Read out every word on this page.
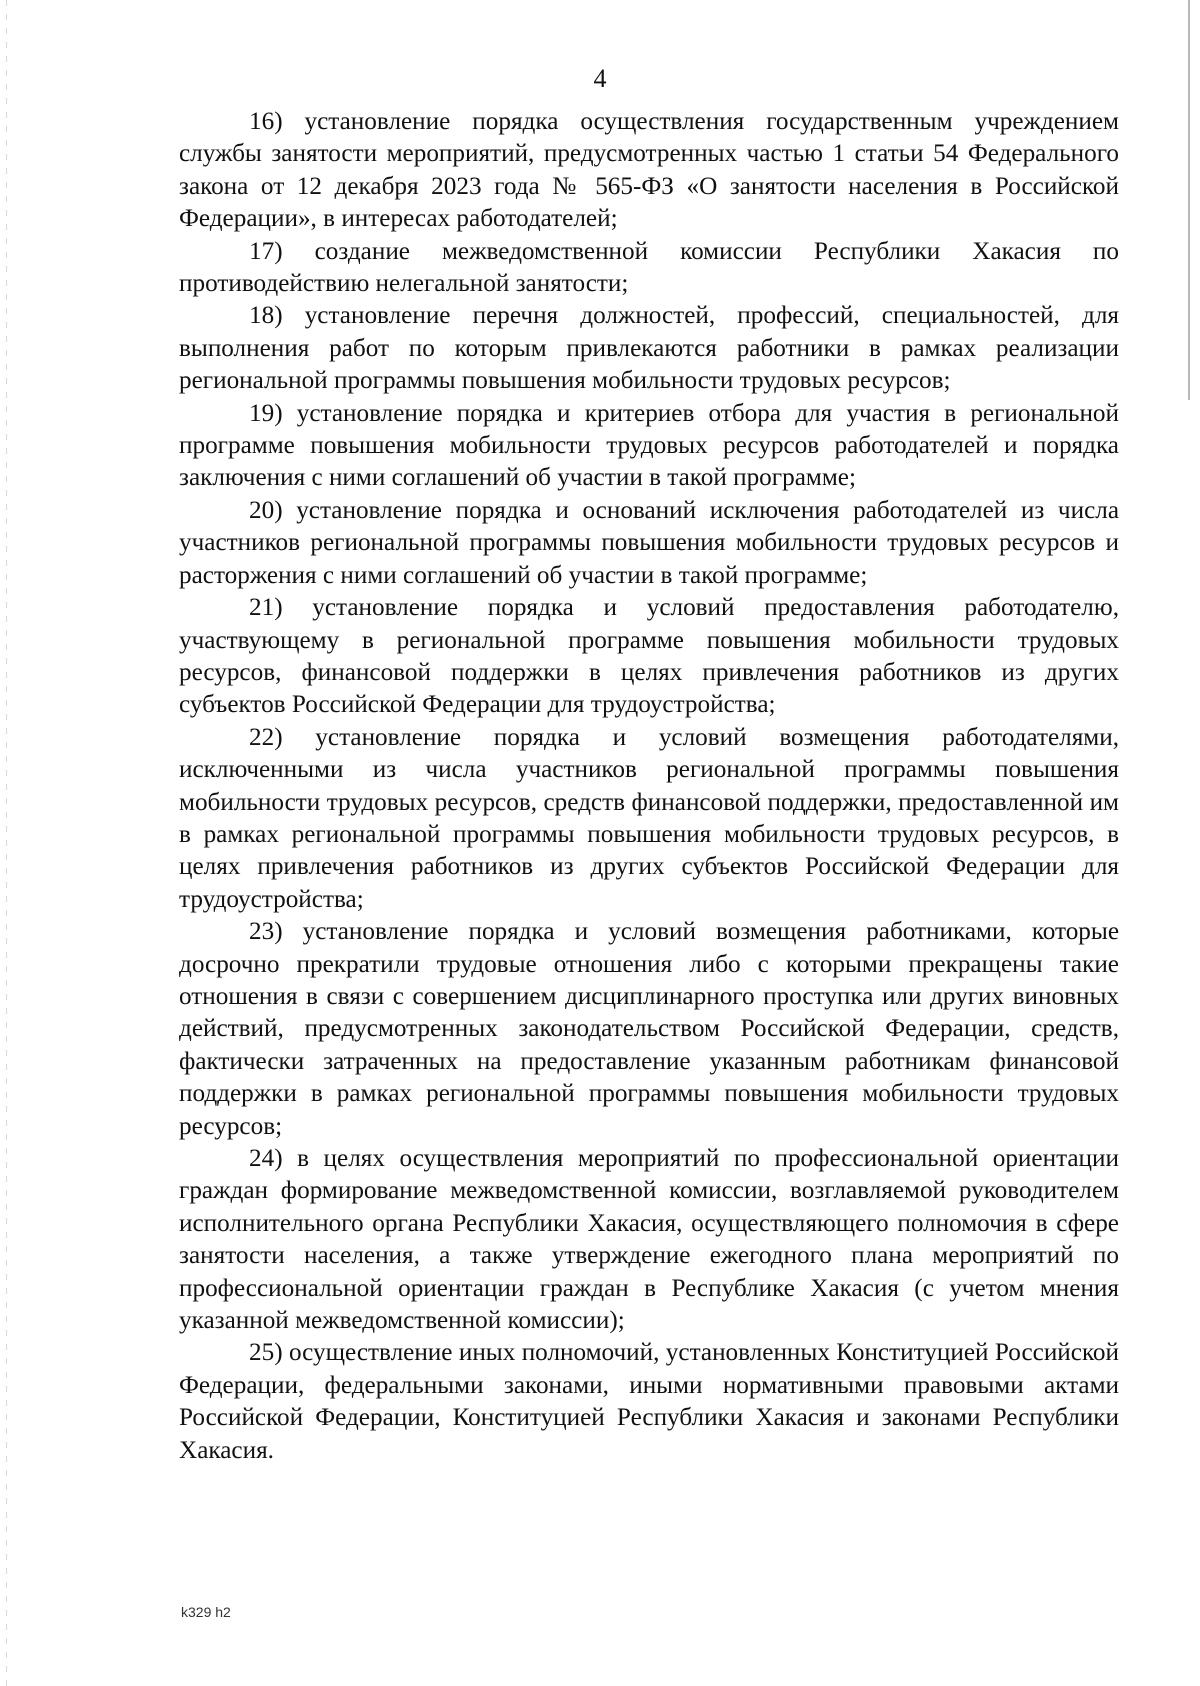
4

16) установление порядка осуществления государственным учреждением службы занятости мероприятий, предусмотренных частью 1 статьи 54 Федерального закона от 12 декабря 2023 года № 565-ФЗ «О занятости населения в Российской Федерации», в интересах работодателей;

17) создание межведомственной комиссии Республики Хакасия по противодействию нелегальной занятости;

18) установление перечня должностей, профессий, специальностей, для выполнения работ по которым привлекаются работники в рамках реализации региональной программы повышения мобильности трудовых ресурсов;

19) установление порядка и критериев отбора для участия в региональной программе повышения мобильности трудовых ресурсов работодателей и порядка заключения с ними соглашений об участии в такой программе;

20) установление порядка и оснований исключения работодателей из числа участников региональной программы повышения мобильности трудовых ресурсов и расторжения с ними соглашений об участии в такой программе;

21) установление порядка и условий предоставления работодателю, участвующему в региональной программе повышения мобильности трудовых ресурсов, финансовой поддержки в целях привлечения работников из других субъектов Российской Федерации для трудоустройства;

22) установление порядка и условий возмещения работодателями, исключенными из числа участников региональной программы повышения мобильности трудовых ресурсов, средств финансовой поддержки, предоставленной им в рамках региональной программы повышения мобильности трудовых ресурсов, в целях привлечения работников из других субъектов Российской Федерации для трудоустройства;

23) установление порядка и условий возмещения работниками, которые досрочно прекратили трудовые отношения либо с которыми прекращены такие отношения в связи с совершением дисциплинарного проступка или других виновных действий, предусмотренных законодательством Российской Федерации, средств, фактически затраченных на предоставление указанным работникам финансовой поддержки в рамках региональной программы повышения мобильности трудовых ресурсов;

24) в целях осуществления мероприятий по профессиональной ориентации граждан формирование межведомственной комиссии, возглавляемой руководителем исполнительного органа Республики Хакасия, осуществляющего полномочия в сфере занятости населения, а также утверждение ежегодного плана мероприятий по профессиональной ориентации граждан в Республике Хакасия (с учетом мнения указанной межведомственной комиссии);

25) осуществление иных полномочий, установленных Конституцией Российской Федерации, федеральными законами, иными нормативными правовыми актами Российской Федерации, Конституцией Республики Хакасия и законами Республики Хакасия.

k329 h2
